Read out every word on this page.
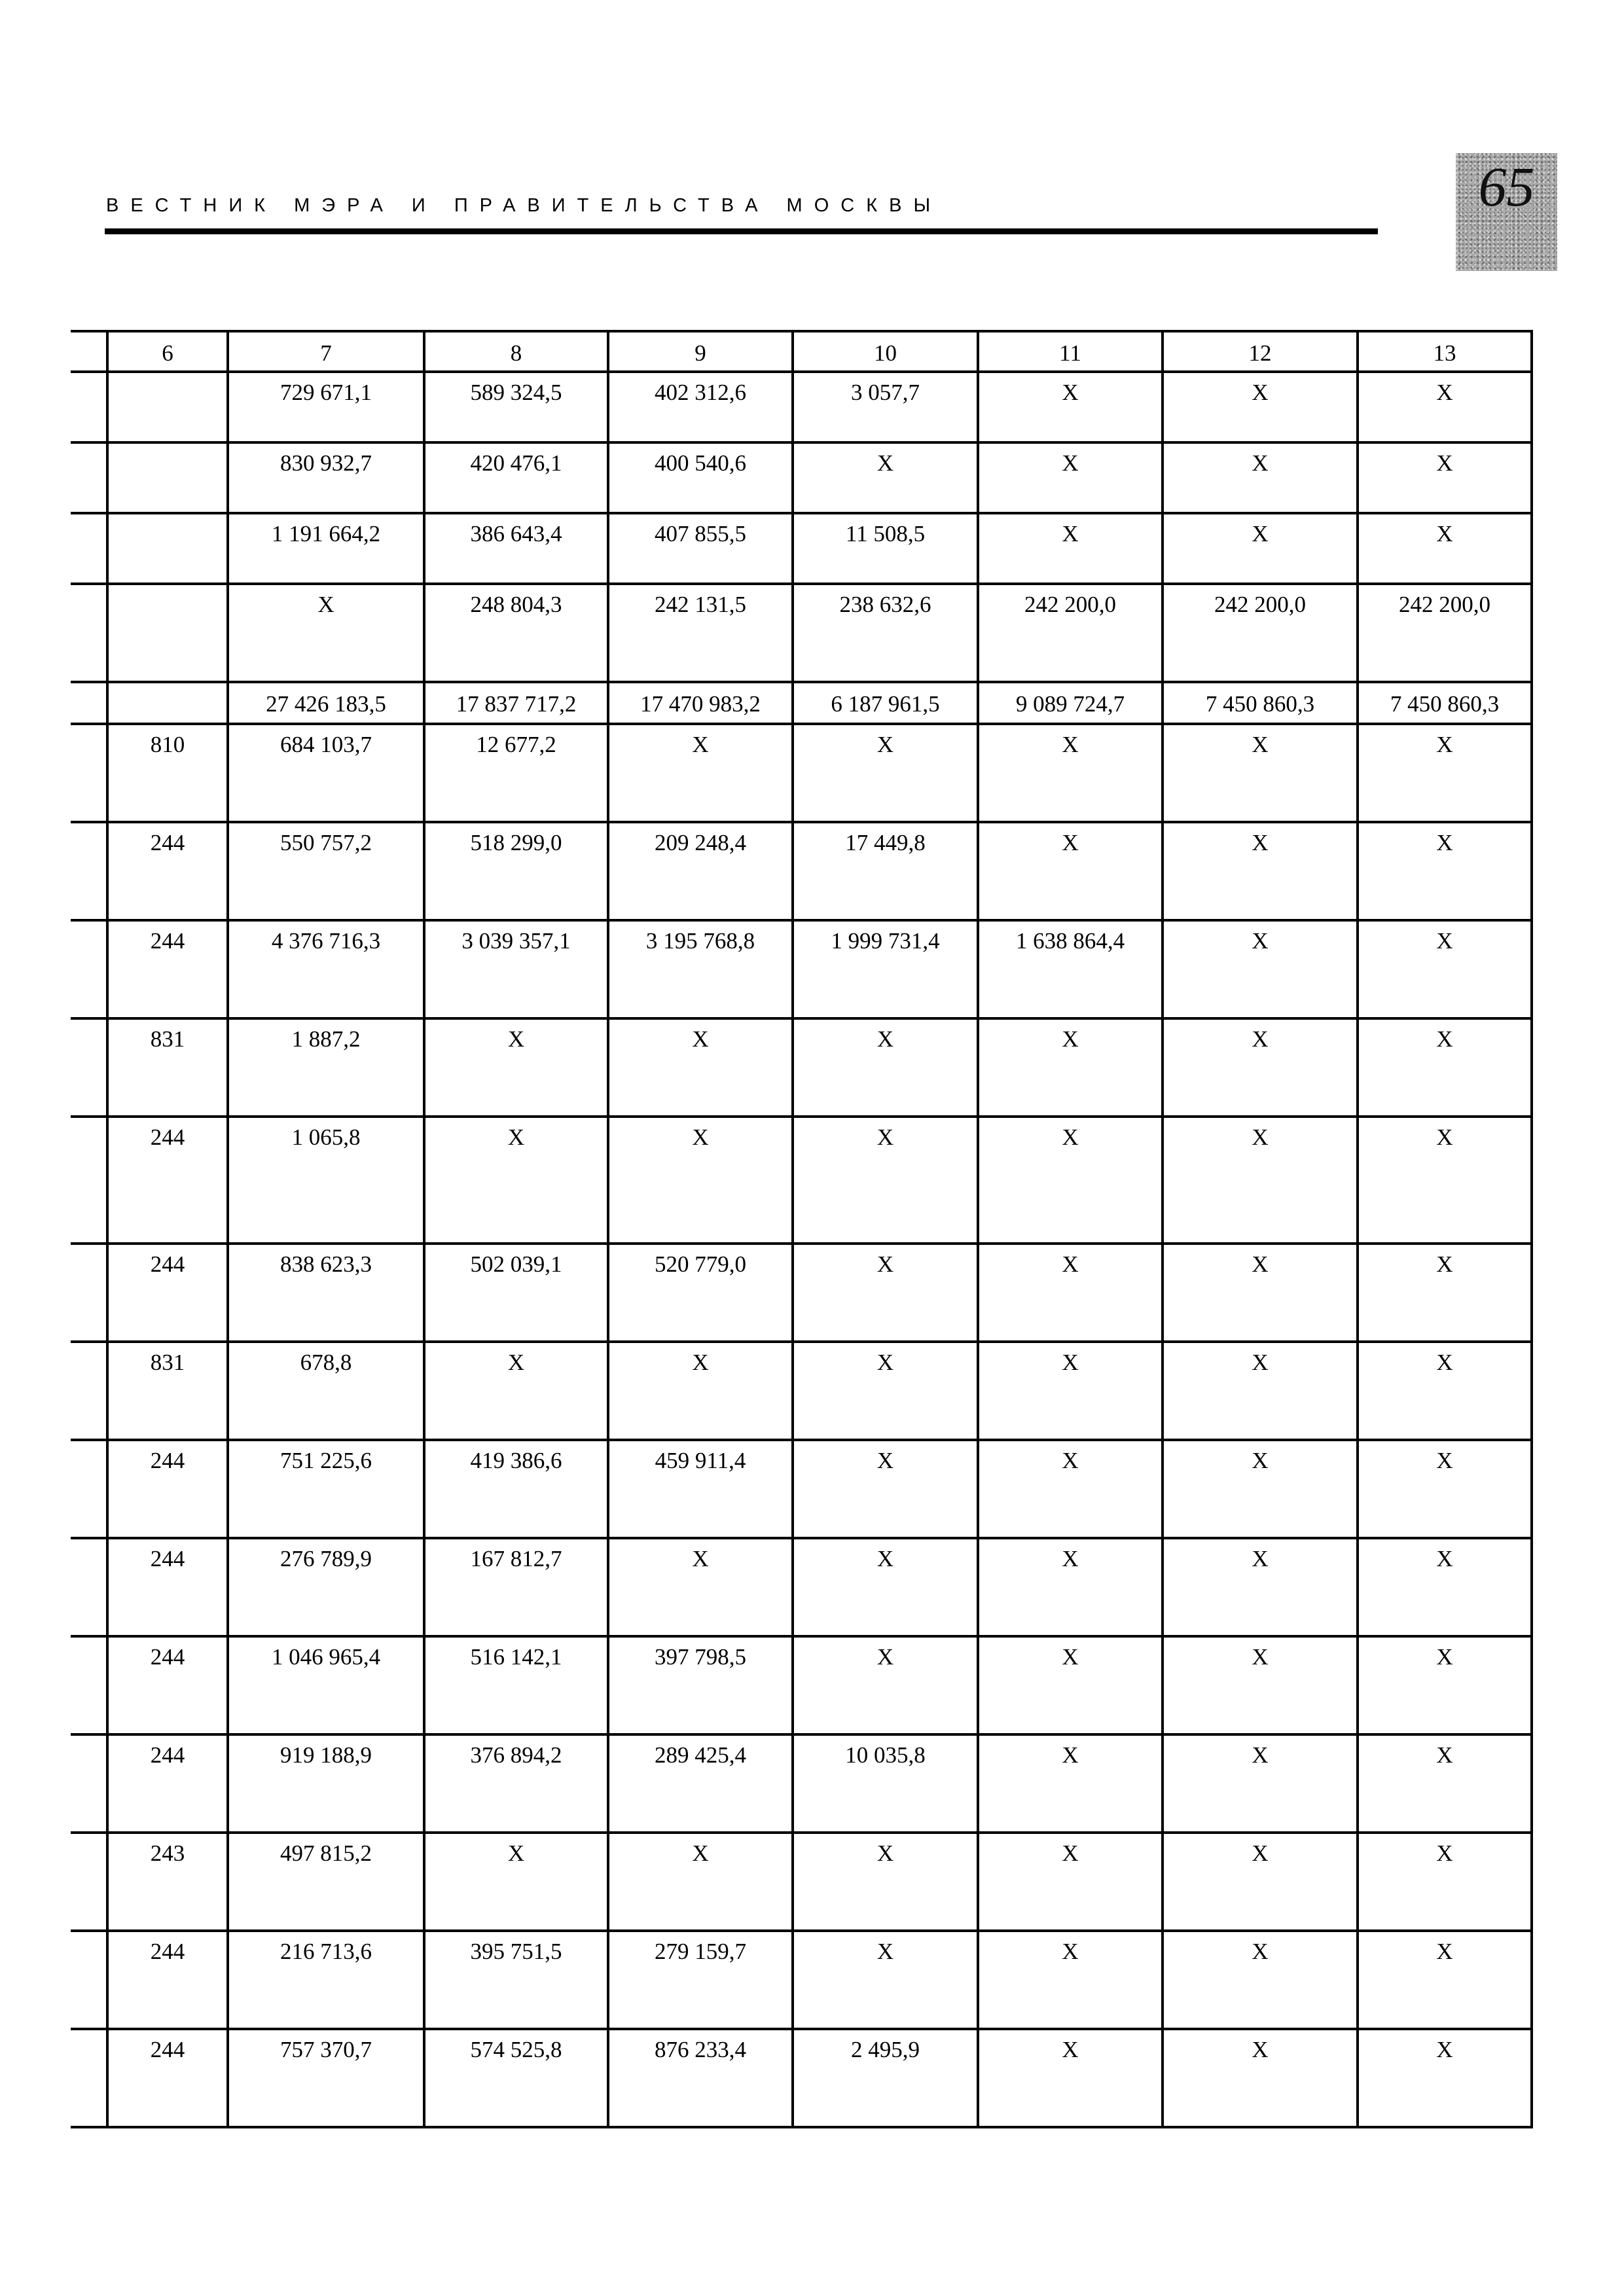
ВЕСТНИК МЭРА И ПРАВИТЕЛЬСТВА МОСКВЫ	65
	6	7	8	9	10	11	12	13
		729 671,1	589 324,5	402 312,6	3 057,7	X	X	X
		830 932,7	420 476,1	400 540,6	X	X	X	X
		1 191 664,2	386 643,4	407 855,5	11 508,5	X	X	X
		X	248 804,3	242 131,5	238 632,6	242 200,0	242 200,0	242 200,0
		27 426 183,5	17 837 717,2	17 470 983,2	6 187 961,5	9 089 724,7	7 450 860,3	7 450 860,3
	810	684 103,7	12 677,2	X	X	X	X	X
	244	550 757,2	518 299,0	209 248,4	17 449,8	X	X	X
	244	4 376 716,3	3 039 357,1	3 195 768,8	1 999 731,4	1 638 864,4	X	X
	831	1 887,2	X	X	X	X	X	X
	244	1 065,8	X	X	X	X	X	X
	244	838 623,3	502 039,1	520 779,0	X	X	X	X
	831	678,8	X	X	X	X	X	X
	244	751 225,6	419 386,6	459 911,4	X	X	X	X
	244	276 789,9	167 812,7	X	X	X	X	X
	244	1 046 965,4	516 142,1	397 798,5	X	X	X	X
	244	919 188,9	376 894,2	289 425,4	10 035,8	X	X	X
	243	497 815,2	X	X	X	X	X	X
	244	216 713,6	395 751,5	279 159,7	X	X	X	X
	244	757 370,7	574 525,8	876 233,4	2 495,9	X	X	X
